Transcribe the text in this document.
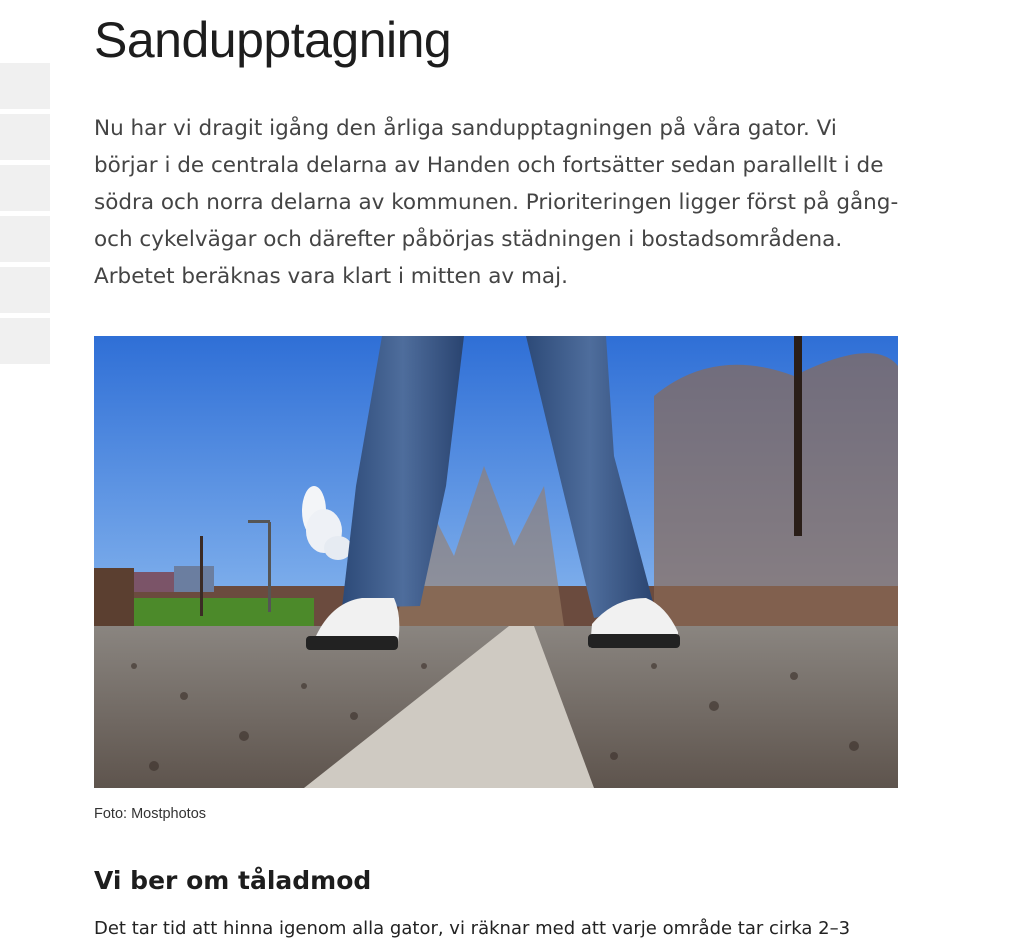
Sandupptagning

Nu har vi dragit igång den årliga sandupptagningen på våra gator. Vi börjar i de centrala delarna av Handen och fortsätter sedan parallellt i de södra och norra delarna av kommunen. Prioriteringen ligger först på gång- och cykelvägar och därefter påbörjas städningen i bostadsområdena. Arbetet beräknas vara klart i mitten av maj.

Foto: Mostphotos

Vi ber om tåladmod

Det tar tid att hinna igenom alla gator, vi räknar med att varje område tar cirka 2–3
